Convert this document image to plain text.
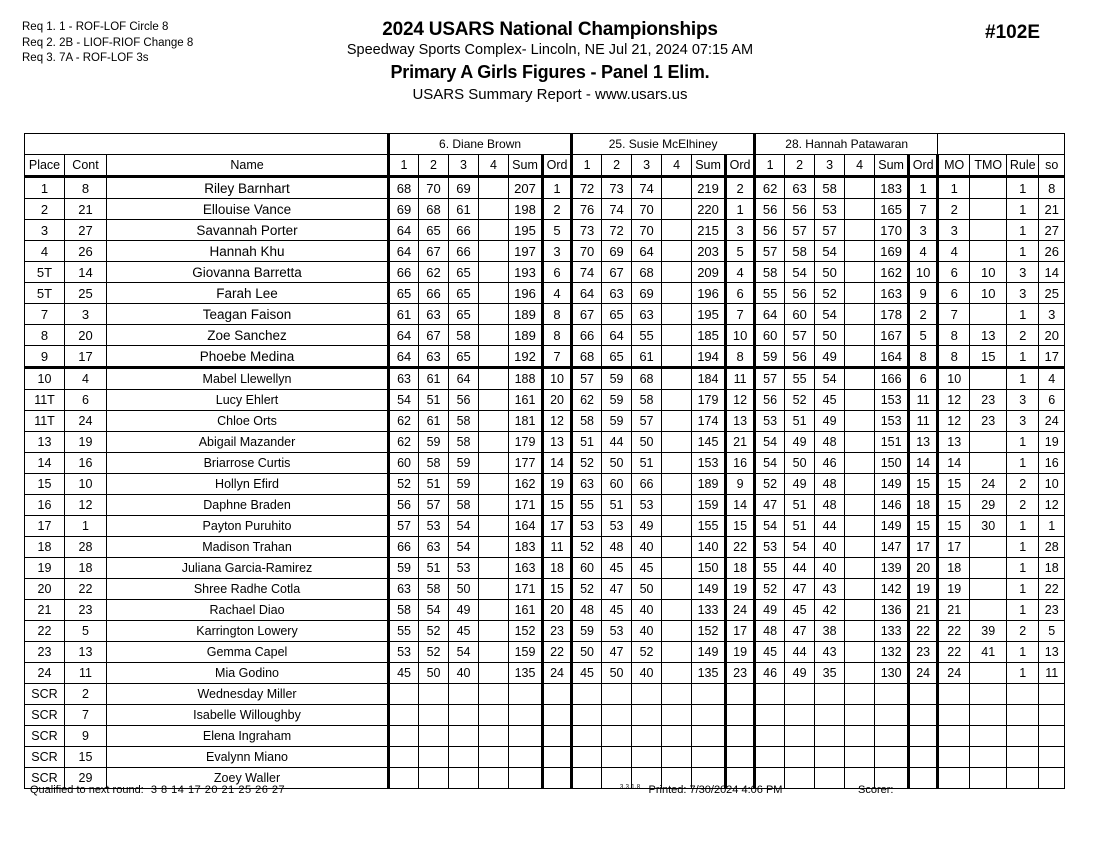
Req 1. 1 - ROF-LOF Circle 8
Req 2. 2B - LIOF-RIOF Change 8
Req 3. 7A - ROF-LOF 3s
2024 USARS National Championships
Speedway Sports Complex- Lincoln, NE Jul 21, 2024 07:15 AM
Primary A Girls Figures - Panel 1 Elim.
USARS Summary Report - www.usars.us
#102E
			6. Diane Brown						25. Susie McElhiney						28. Hannah Patawaran									
Place	Cont	Name	1	2	3	4	Sum	Ord	1	2	3	4	Sum	Ord	1	2	3	4	Sum	Ord	MO	TMO	Rule	so
1	8	Riley Barnhart	68	70	69		207	1	72	73	74		219	2	62	63	58		183	1	1		1	8
2	21	Ellouise Vance	69	68	61		198	2	76	74	70		220	1	56	56	53		165	7	2		1	21
3	27	Savannah Porter	64	65	66		195	5	73	72	70		215	3	56	57	57		170	3	3		1	27
4	26	Hannah Khu	64	67	66		197	3	70	69	64		203	5	57	58	54		169	4	4		1	26
5T	14	Giovanna Barretta	66	62	65		193	6	74	67	68		209	4	58	54	50		162	10	6	10	3	14
5T	25	Farah Lee	65	66	65		196	4	64	63	69		196	6	55	56	52		163	9	6	10	3	25
7	3	Teagan Faison	61	63	65		189	8	67	65	63		195	7	64	60	54		178	2	7		1	3
8	20	Zoe Sanchez	64	67	58		189	8	66	64	55		185	10	60	57	50		167	5	8	13	2	20
9	17	Phoebe Medina	64	63	65		192	7	68	65	61		194	8	59	56	49		164	8	8	15	1	17
10	4	Mabel Llewellyn	63	61	64		188	10	57	59	68		184	11	57	55	54		166	6	10		1	4
11T	6	Lucy Ehlert	54	51	56		161	20	62	59	58		179	12	56	52	45		153	11	12	23	3	6
11T	24	Chloe Orts	62	61	58		181	12	58	59	57		174	13	53	51	49		153	11	12	23	3	24
13	19	Abigail Mazander	62	59	58		179	13	51	44	50		145	21	54	49	48		151	13	13		1	19
14	16	Briarrose Curtis	60	58	59		177	14	52	50	51		153	16	54	50	46		150	14	14		1	16
15	10	Hollyn Efird	52	51	59		162	19	63	60	66		189	9	52	49	48		149	15	15	24	2	10
16	12	Daphne Braden	56	57	58		171	15	55	51	53		159	14	47	51	48		146	18	15	29	2	12
17	1	Payton Puruhito	57	53	54		164	17	53	53	49		155	15	54	51	44		149	15	15	30	1	1
18	28	Madison Trahan	66	63	54		183	11	52	48	40		140	22	53	54	40		147	17	17		1	28
19	18	Juliana Garcia-Ramirez	59	51	53		163	18	60	45	45		150	18	55	44	40		139	20	18		1	18
20	22	Shree Radhe Cotla	63	58	50		171	15	52	47	50		149	19	52	47	43		142	19	19		1	22
21	23	Rachael Diao	58	54	49		161	20	48	45	40		133	24	49	45	42		136	21	21		1	23
22	5	Karrington Lowery	55	52	45		152	23	59	53	40		152	17	48	47	38		133	22	22	39	2	5
23	13	Gemma Capel	53	52	54		159	22	50	47	52		149	19	45	44	43		132	23	22	41	1	13
24	11	Mia Godino	45	50	40		135	24	45	50	40		135	23	46	49	35		130	24	24		1	11
SCR	2	Wednesday Miller																						
SCR	7	Isabelle Willoughby																						
SCR	9	Elena Ingraham																						
SCR	15	Evalynn Miano																						
SCR	29	Zoey Waller																						
Qualified to next round: 3 8 14 17 20 21 25 26 27	$^{3.3.1.8}$ Printed: 7/30/2024 4:06 PM	Scorer:
